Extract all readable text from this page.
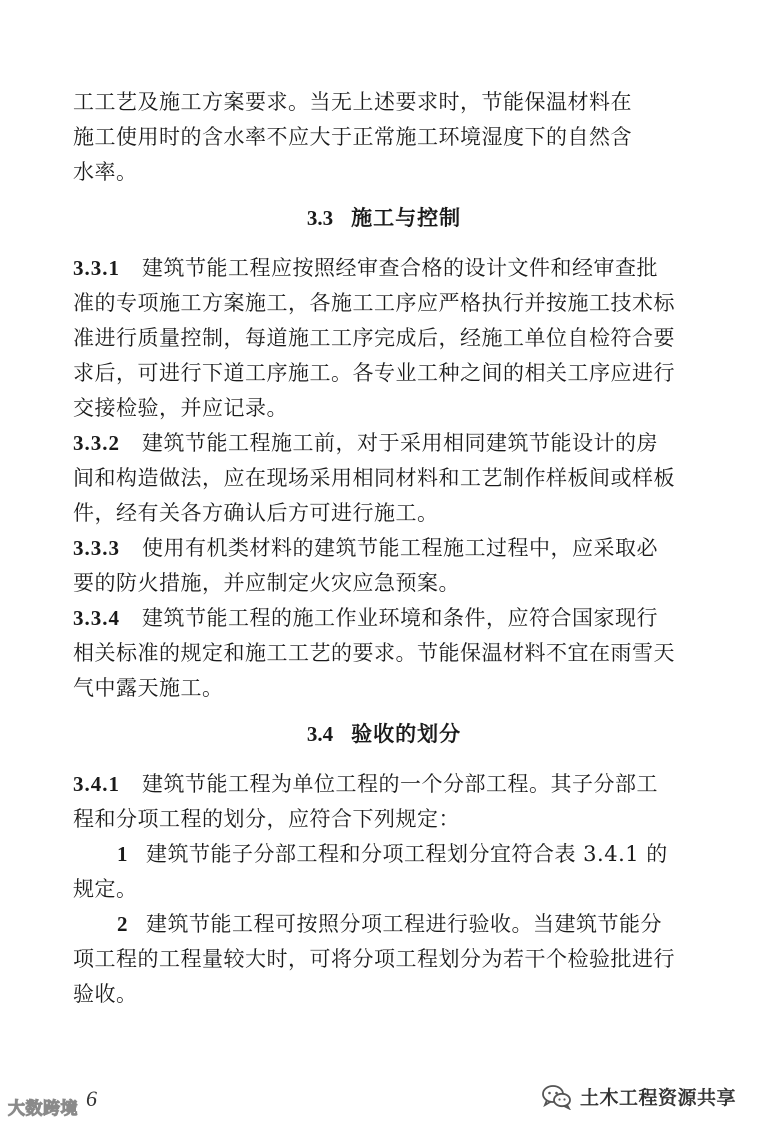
工工艺及施工方案要求。当无上述要求时，节能保温材料在
施工使用时的含水率不应大于正常施工环境湿度下的自然含
水率。
3.3 施工与控制
3.3.1 建筑节能工程应按照经审查合格的设计文件和经审查批
准的专项施工方案施工，各施工工序应严格执行并按施工技术标
准进行质量控制，每道施工工序完成后，经施工单位自检符合要
求后，可进行下道工序施工。各专业工种之间的相关工序应进行
交接检验，并应记录。
3.3.2 建筑节能工程施工前，对于采用相同建筑节能设计的房
间和构造做法，应在现场采用相同材料和工艺制作样板间或样板
件，经有关各方确认后方可进行施工。
3.3.3 使用有机类材料的建筑节能工程施工过程中，应采取必
要的防火措施，并应制定火灾应急预案。
3.3.4 建筑节能工程的施工作业环境和条件，应符合国家现行
相关标准的规定和施工工艺的要求。节能保温材料不宜在雨雪天
气中露天施工。
3.4 验收的划分
3.4.1 建筑节能工程为单位工程的一个分部工程。其子分部工
程和分项工程的划分，应符合下列规定：
1 建筑节能子分部工程和分项工程划分宜符合表 3.4.1 的
规定。
2 建筑节能工程可按照分项工程进行验收。当建筑节能分
项工程的工程量较大时，可将分项工程划分为若干个检验批进行
验收。
6
大数跨境	土木工程资源共享
